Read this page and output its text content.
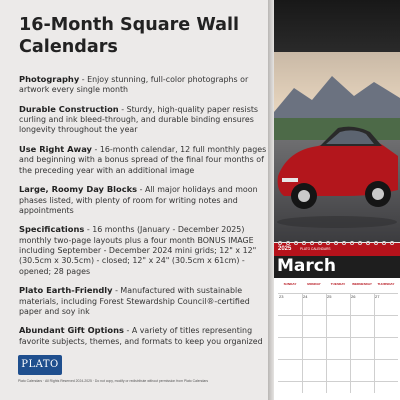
16-Month Square Wall Calendars
Photography - Enjoy stunning, full-color photographs or artwork every single month
Durable Construction - Sturdy, high-quality paper resists curling and ink bleed-through, and durable binding ensures longevity throughout the year
Use Right Away - 16-month calendar, 12 full monthly pages and beginning with a bonus spread of the final four months of the preceding year with an additional image
Large, Roomy Day Blocks - All major holidays and moon phases listed, with plenty of room for writing notes and appointments
Specifications - 16 months (January - December 2025) monthly two-page layouts plus a four month BONUS IMAGE including September - December 2024 mini grids; 12" x 12" (30.5cm x 30.5cm) - closed; 12" x 24" (30.5cm x 61cm) - opened; 28 pages
Plato Earth-Friendly - Manufactured with sustainable materials, including Forest Stewardship Council®-certified paper and soy ink
Abundant Gift Options - A variety of titles representing favorite subjects, themes, and formats to keep you organized
PLATO
Plato Calendars · All Rights Reserved 2024-2025 · Do not copy, modify or redistribute without permission from Plato Calendars
2025	PLATO CALENDARS
March
SUNDAY	MONDAY	TUESDAY	WEDNESDAY	THURSDAY
23	24	25	26	27
